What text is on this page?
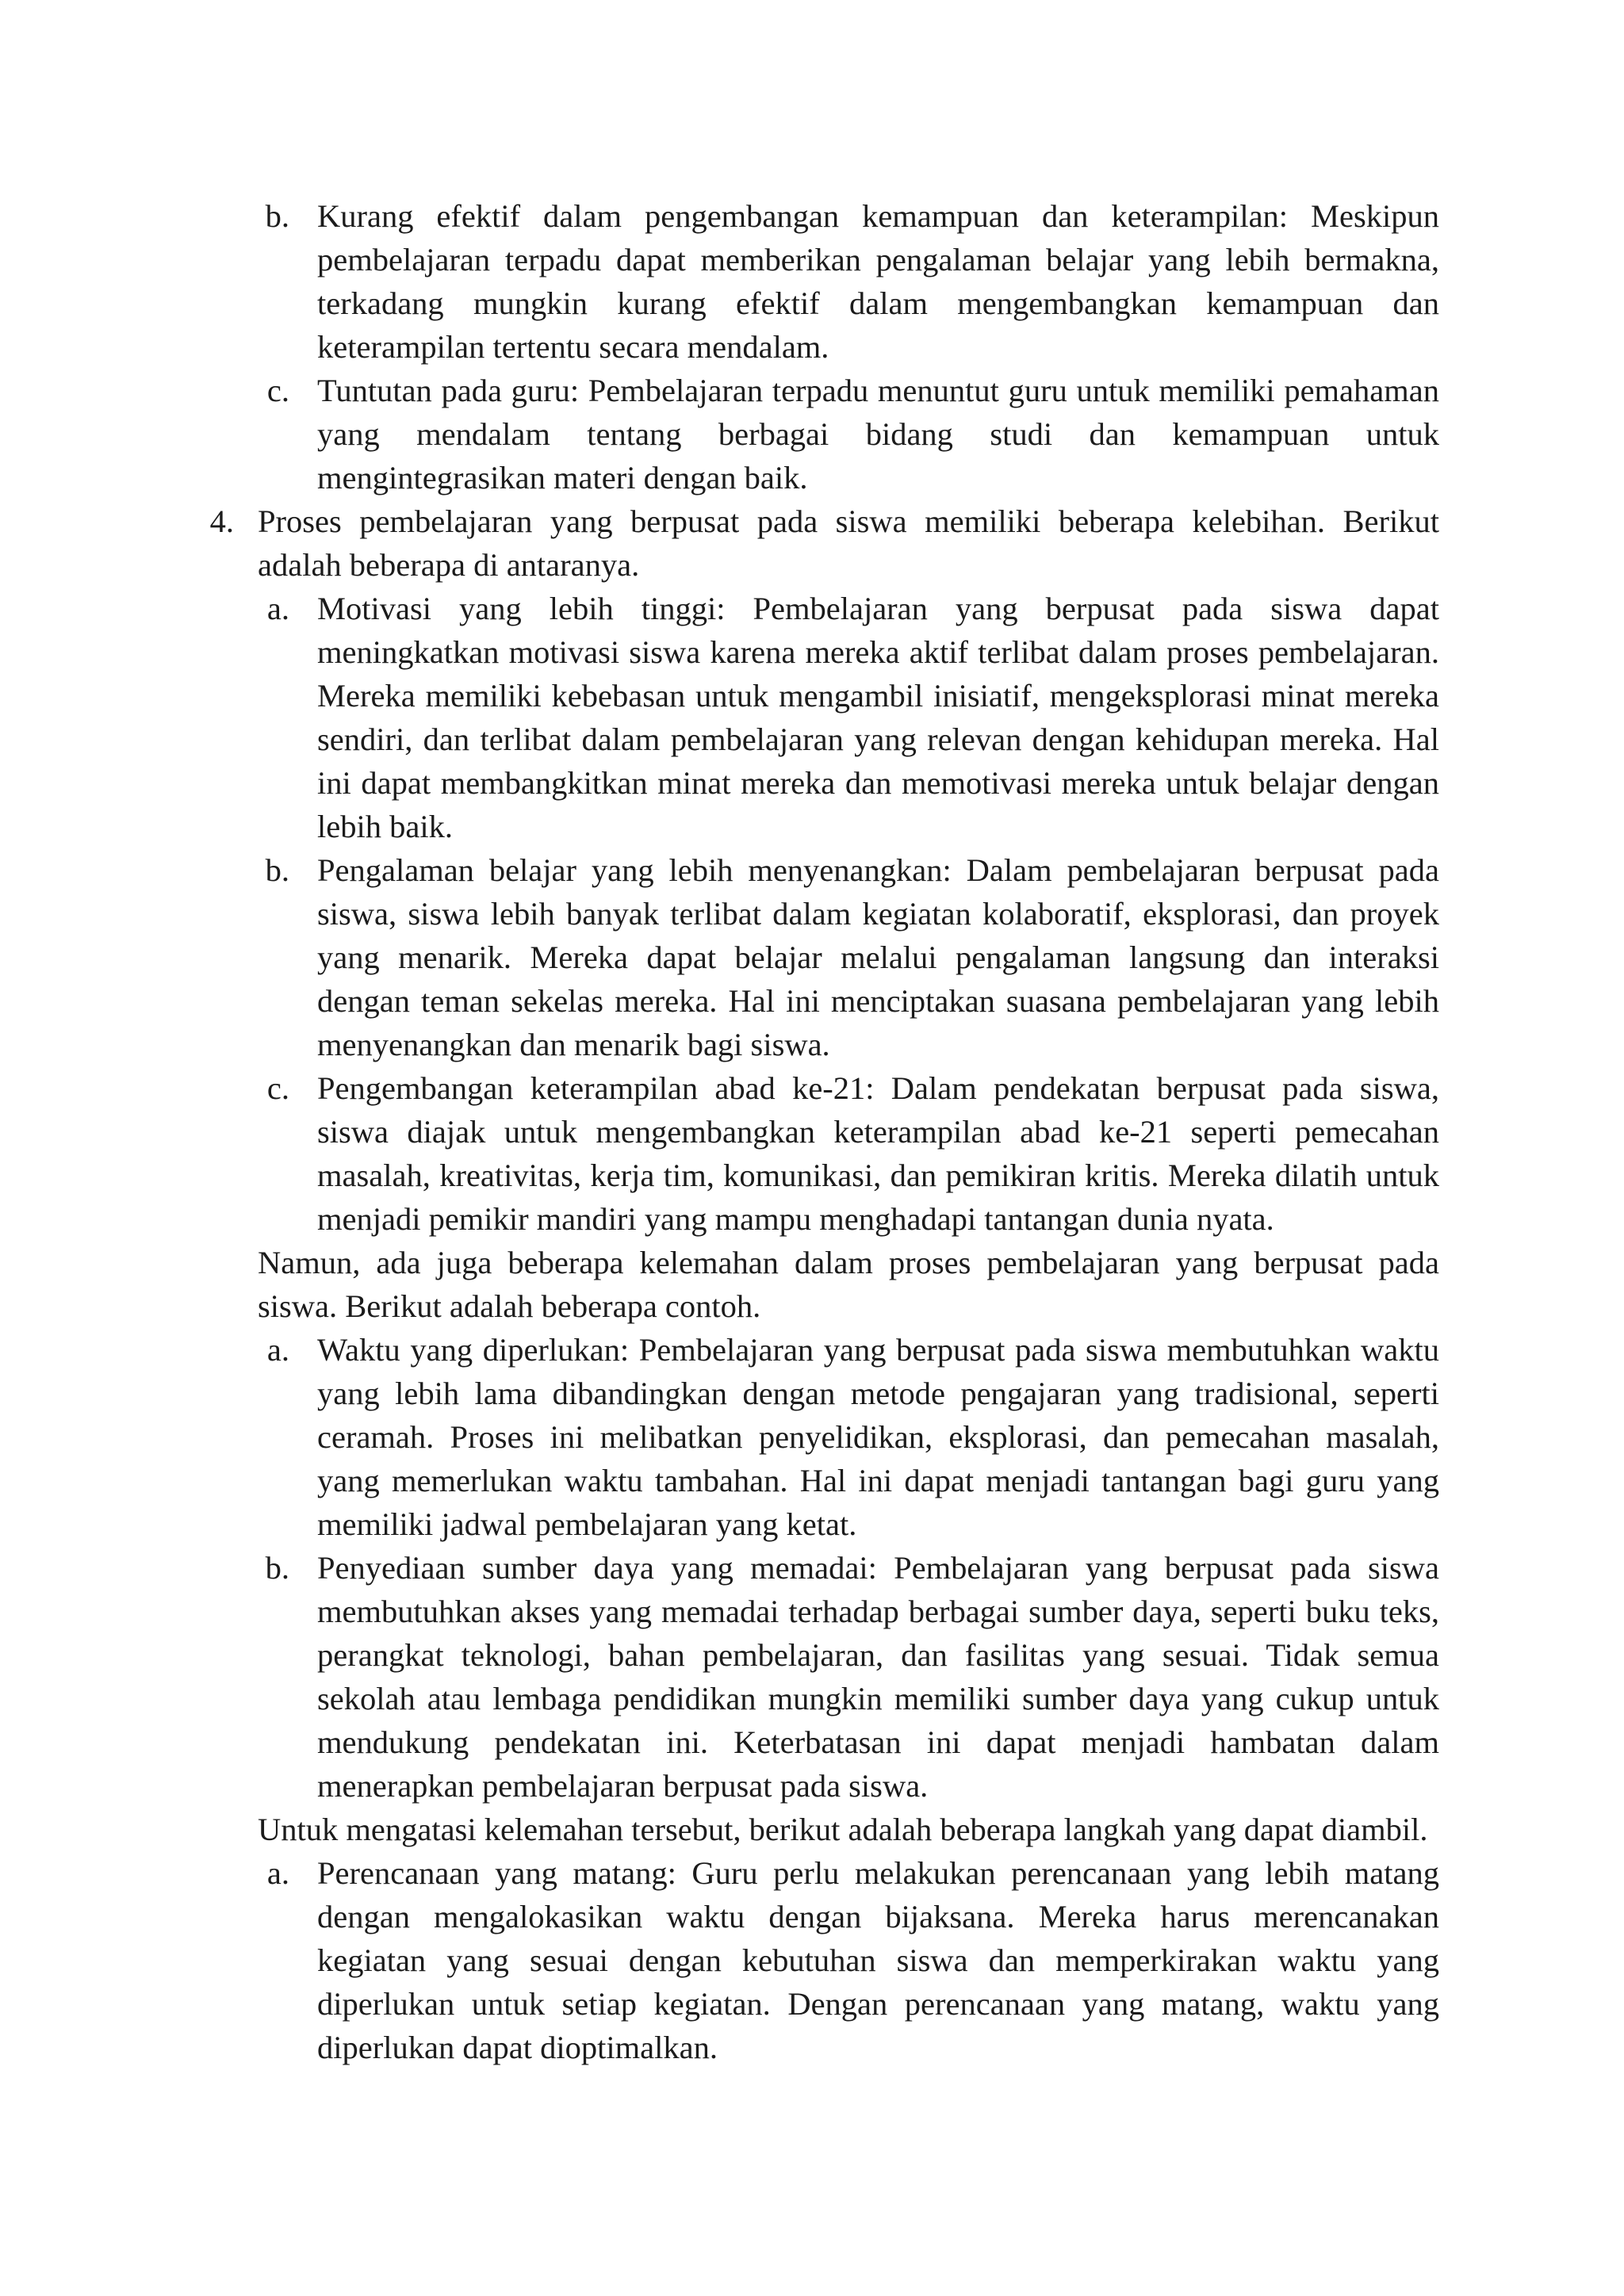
b. Kurang efektif dalam pengembangan kemampuan dan keterampilan: Meskipun pembelajaran terpadu dapat memberikan pengalaman belajar yang lebih bermakna, terkadang mungkin kurang efektif dalam mengembangkan kemampuan dan keterampilan tertentu secara mendalam.
c. Tuntutan pada guru: Pembelajaran terpadu menuntut guru untuk memiliki pemahaman yang mendalam tentang berbagai bidang studi dan kemampuan untuk mengintegrasikan materi dengan baik.
4. Proses pembelajaran yang berpusat pada siswa memiliki beberapa kelebihan. Berikut adalah beberapa di antaranya.
a. Motivasi yang lebih tinggi: Pembelajaran yang berpusat pada siswa dapat meningkatkan motivasi siswa karena mereka aktif terlibat dalam proses pembelajaran. Mereka memiliki kebebasan untuk mengambil inisiatif, mengeksplorasi minat mereka sendiri, dan terlibat dalam pembelajaran yang relevan dengan kehidupan mereka. Hal ini dapat membangkitkan minat mereka dan memotivasi mereka untuk belajar dengan lebih baik.
b. Pengalaman belajar yang lebih menyenangkan: Dalam pembelajaran berpusat pada siswa, siswa lebih banyak terlibat dalam kegiatan kolaboratif, eksplorasi, dan proyek yang menarik. Mereka dapat belajar melalui pengalaman langsung dan interaksi dengan teman sekelas mereka. Hal ini menciptakan suasana pembelajaran yang lebih menyenangkan dan menarik bagi siswa.
c. Pengembangan keterampilan abad ke-21: Dalam pendekatan berpusat pada siswa, siswa diajak untuk mengembangkan keterampilan abad ke-21 seperti pemecahan masalah, kreativitas, kerja tim, komunikasi, dan pemikiran kritis. Mereka dilatih untuk menjadi pemikir mandiri yang mampu menghadapi tantangan dunia nyata.
Namun, ada juga beberapa kelemahan dalam proses pembelajaran yang berpusat pada siswa. Berikut adalah beberapa contoh.
a. Waktu yang diperlukan: Pembelajaran yang berpusat pada siswa membutuhkan waktu yang lebih lama dibandingkan dengan metode pengajaran yang tradisional, seperti ceramah. Proses ini melibatkan penyelidikan, eksplorasi, dan pemecahan masalah, yang memerlukan waktu tambahan. Hal ini dapat menjadi tantangan bagi guru yang memiliki jadwal pembelajaran yang ketat.
b. Penyediaan sumber daya yang memadai: Pembelajaran yang berpusat pada siswa membutuhkan akses yang memadai terhadap berbagai sumber daya, seperti buku teks, perangkat teknologi, bahan pembelajaran, dan fasilitas yang sesuai. Tidak semua sekolah atau lembaga pendidikan mungkin memiliki sumber daya yang cukup untuk mendukung pendekatan ini. Keterbatasan ini dapat menjadi hambatan dalam menerapkan pembelajaran berpusat pada siswa.
Untuk mengatasi kelemahan tersebut, berikut adalah beberapa langkah yang dapat diambil.
a. Perencanaan yang matang: Guru perlu melakukan perencanaan yang lebih matang dengan mengalokasikan waktu dengan bijaksana. Mereka harus merencanakan kegiatan yang sesuai dengan kebutuhan siswa dan memperkirakan waktu yang diperlukan untuk setiap kegiatan. Dengan perencanaan yang matang, waktu yang diperlukan dapat dioptimalkan.
